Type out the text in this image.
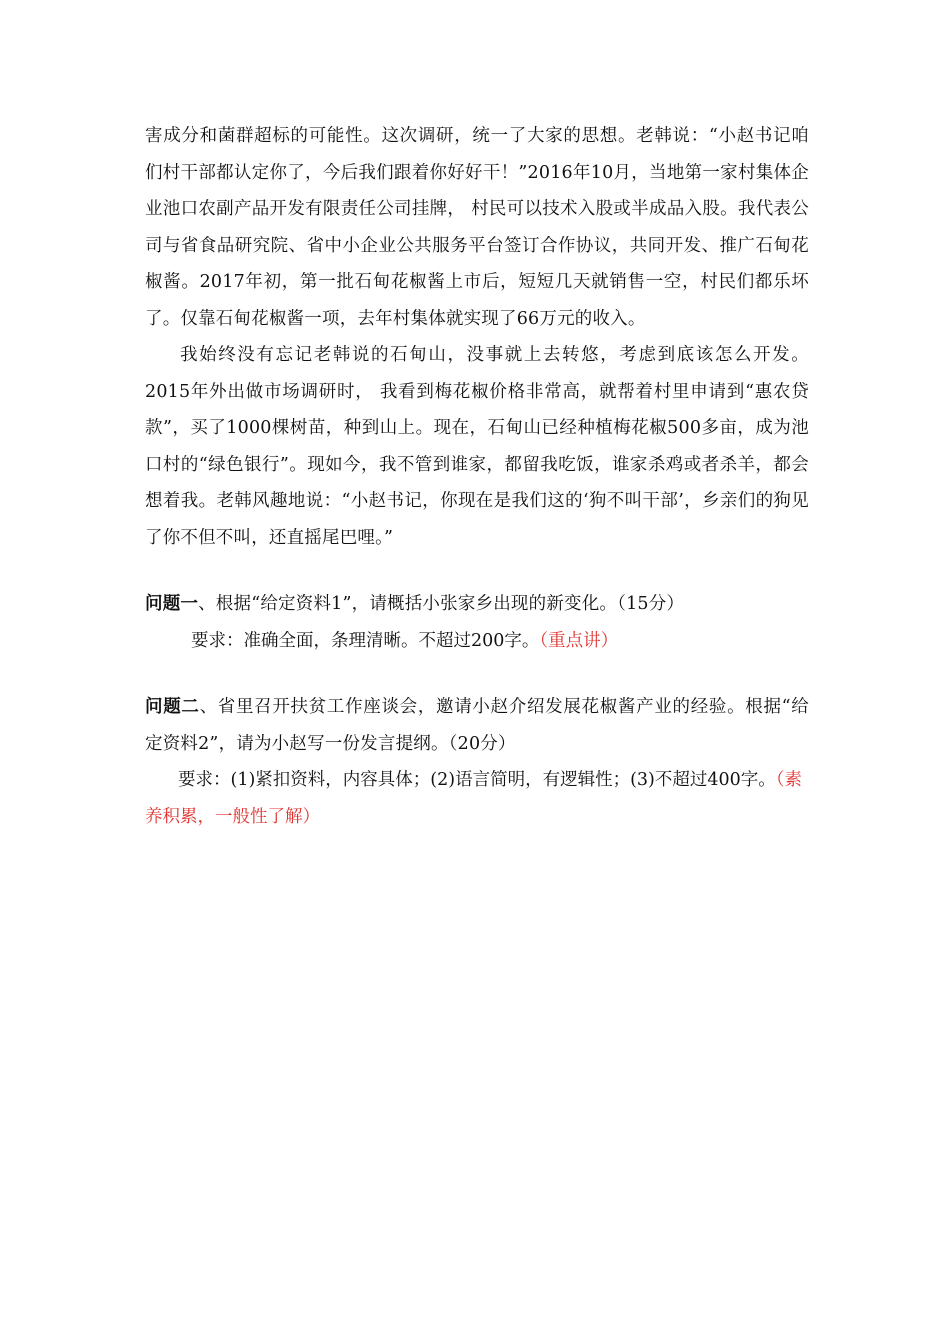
害成分和菌群超标的可能性。这次调研，统一了大家的思想。老韩说：“小赵书记咱们村干部都认定你了，今后我们跟着你好好干！”2016年10月，当地第一家村集体企业池口农副产品开发有限责任公司挂牌， 村民可以技术入股或半成品入股。我代表公司与省食品研究院、省中小企业公共服务平台签订合作协议，共同开发、推广石甸花椒酱。2017年初，第一批石甸花椒酱上市后，短短几天就销售一空，村民们都乐坏了。仅靠石甸花椒酱一项，去年村集体就实现了66万元的收入。

我始终没有忘记老韩说的石甸山，没事就上去转悠，考虑到底该怎么开发。2015年外出做市场调研时， 我看到梅花椒价格非常高，就帮着村里申请到“惠农贷款”，买了1000棵树苗，种到山上。现在，石甸山已经种植梅花椒500多亩，成为池口村的“绿色银行”。现如今，我不管到谁家，都留我吃饭，谁家杀鸡或者杀羊，都会想着我。老韩风趣地说：“小赵书记，你现在是我们这的‘狗不叫干部’，乡亲们的狗见了你不但不叫，还直摇尾巴哩。”

问题一、根据“给定资料1”，请概括小张家乡出现的新变化。（15分）

要求：准确全面，条理清晰。不超过200字。（重点讲）

问题二、省里召开扶贫工作座谈会，邀请小赵介绍发展花椒酱产业的经验。根据“给定资料2”，请为小赵写一份发言提纲。（20分）

要求：(1)紧扣资料，内容具体；(2)语言简明，有逻辑性；(3)不超过400字。（素养积累，一般性了解）
